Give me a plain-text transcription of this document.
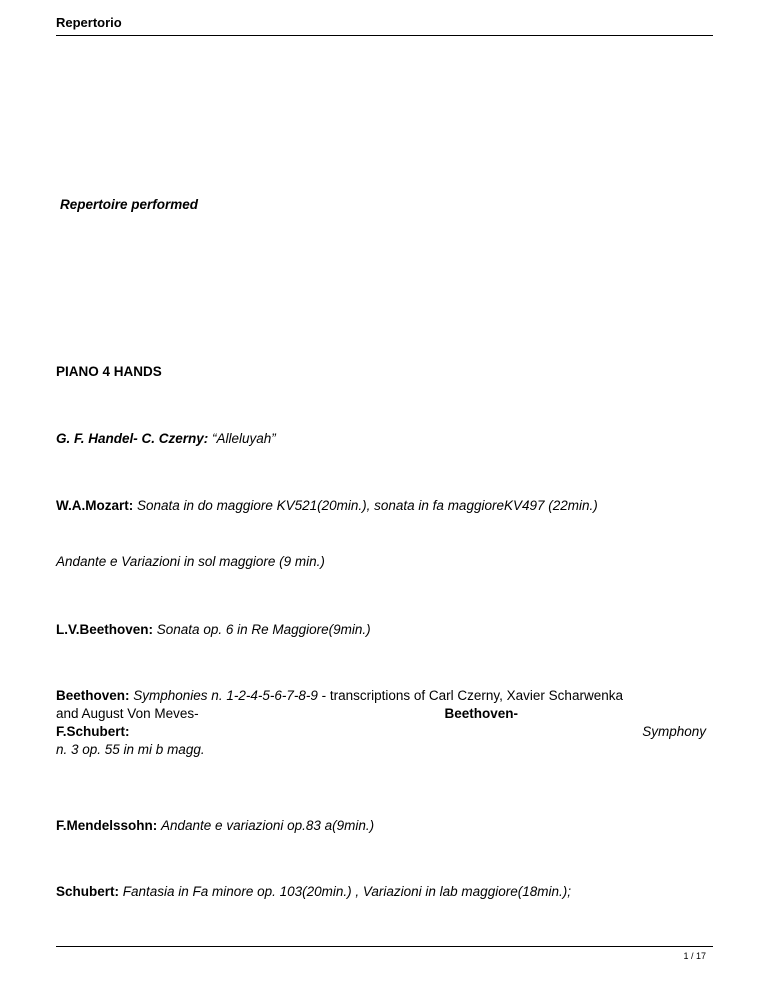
Repertorio
Repertoire performed
PIANO 4 HANDS
G. F. Handel- C. Czerny: “Alleluyah”
W.A.Mozart: Sonata in do maggiore KV521(20min.), sonata in fa maggioreKV497 (22min.)
Andante e Variazioni in sol maggiore (9 min.)
L.V.Beethoven: Sonata op. 6 in Re Maggiore(9min.)
Beethoven: Symphonies n. 1-2-4-5-6-7-8-9 - transcriptions of Carl Czerny, Xavier Scharwenka
and August Von Meves-	Beethoven-
F.Schubert:	Symphony
n. 3 op. 55 in mi b magg.
F.Mendelssohn: Andante e variazioni op.83 a(9min.)
Schubert: Fantasia in Fa minore op. 103(20min.) , Variazioni in lab maggiore(18min.);
1 / 17
